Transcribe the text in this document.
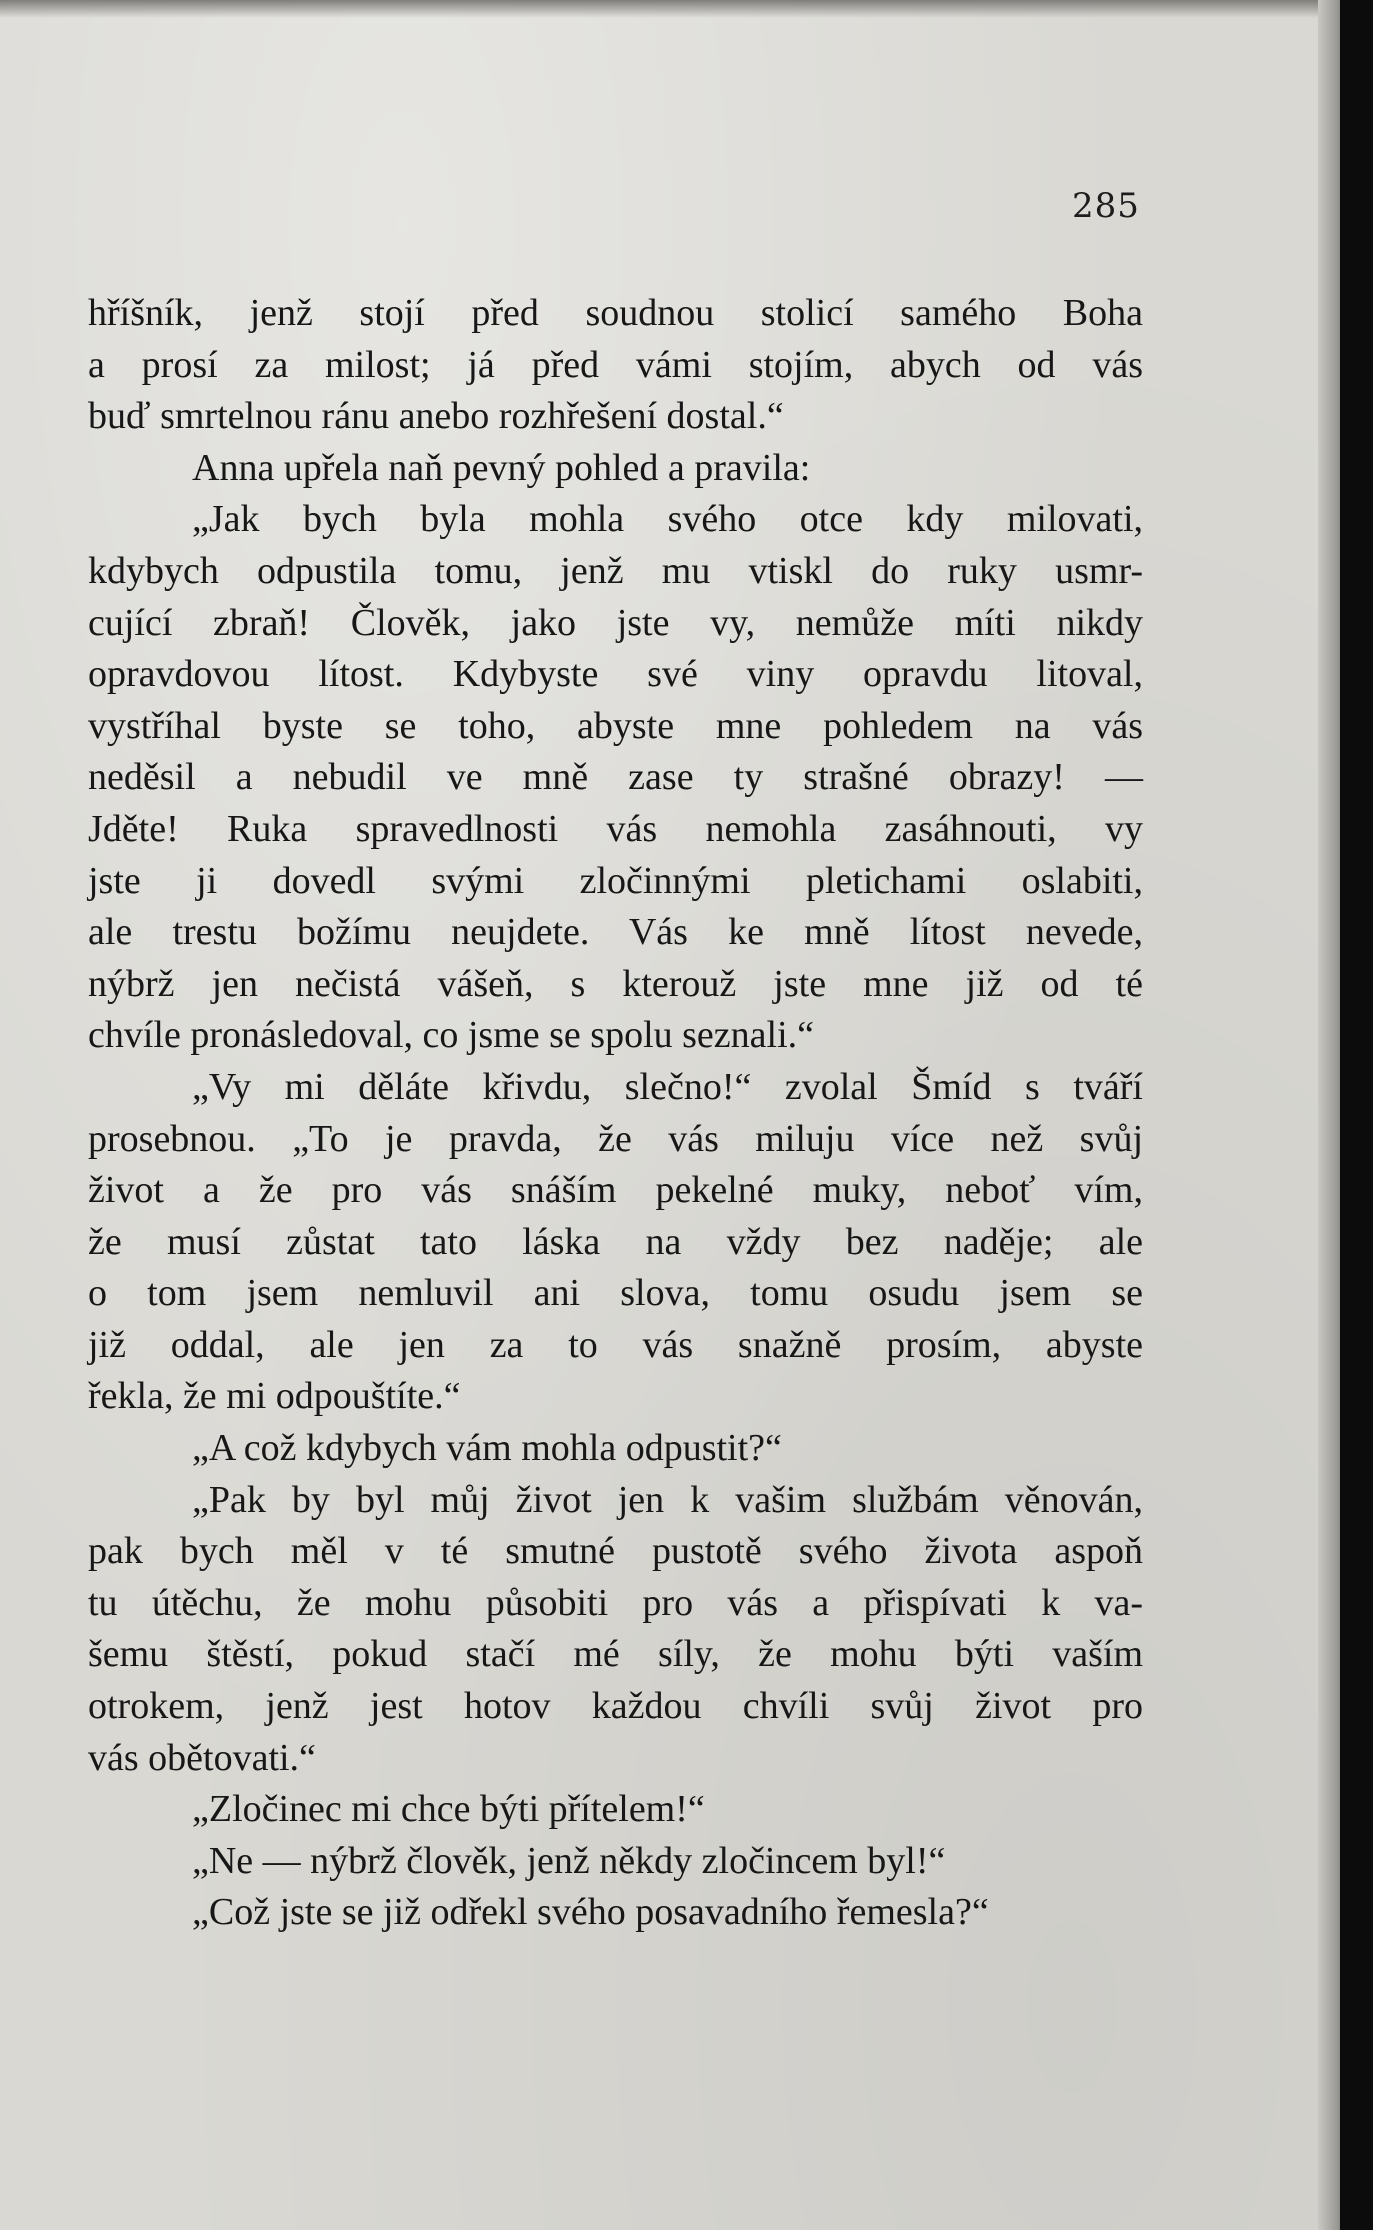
285
hříšník, jenž stojí před soudnou stolicí samého Boha
a prosí za milost; já před vámi stojím, abych od vás
buď smrtelnou ránu anebo rozhřešení dostal.“
Anna upřela naň pevný pohled a pravila:
„Jak bych byla mohla svého otce kdy milovati,
kdybych odpustila tomu, jenž mu vtiskl do ruky usmr-
cující zbraň! Člověk, jako jste vy, nemůže míti nikdy
opravdovou lítost. Kdybyste své viny opravdu litoval,
vystříhal byste se toho, abyste mne pohledem na vás
neděsil a nebudil ve mně zase ty strašné obrazy! —
Jděte! Ruka spravedlnosti vás nemohla zasáhnouti, vy
jste ji dovedl svými zločinnými pletichami oslabiti,
ale trestu božímu neujdete. Vás ke mně lítost nevede,
nýbrž jen nečistá vášeň, s kterouž jste mne již od té
chvíle pronásledoval, co jsme se spolu seznali.“
„Vy mi děláte křivdu, slečno!“ zvolal Šmíd s tváří
prosebnou. „To je pravda, že vás miluju více než svůj
život a že pro vás snáším pekelné muky, neboť vím,
že musí zůstat tato láska na vždy bez naděje; ale
o tom jsem nemluvil ani slova, tomu osudu jsem se
již oddal, ale jen za to vás snažně prosím, abyste
řekla, že mi odpouštíte.“
„A což kdybych vám mohla odpustit?“
„Pak by byl můj život jen k vašim službám věnován,
pak bych měl v té smutné pustotě svého života aspoň
tu útěchu, že mohu působiti pro vás a přispívati k va-
šemu štěstí, pokud stačí mé síly, že mohu býti vaším
otrokem, jenž jest hotov každou chvíli svůj život pro
vás obětovati.“
„Zločinec mi chce býti přítelem!“
„Ne — nýbrž člověk, jenž někdy zločincem byl!“
„Což jste se již odřekl svého posavadního řemesla?“
